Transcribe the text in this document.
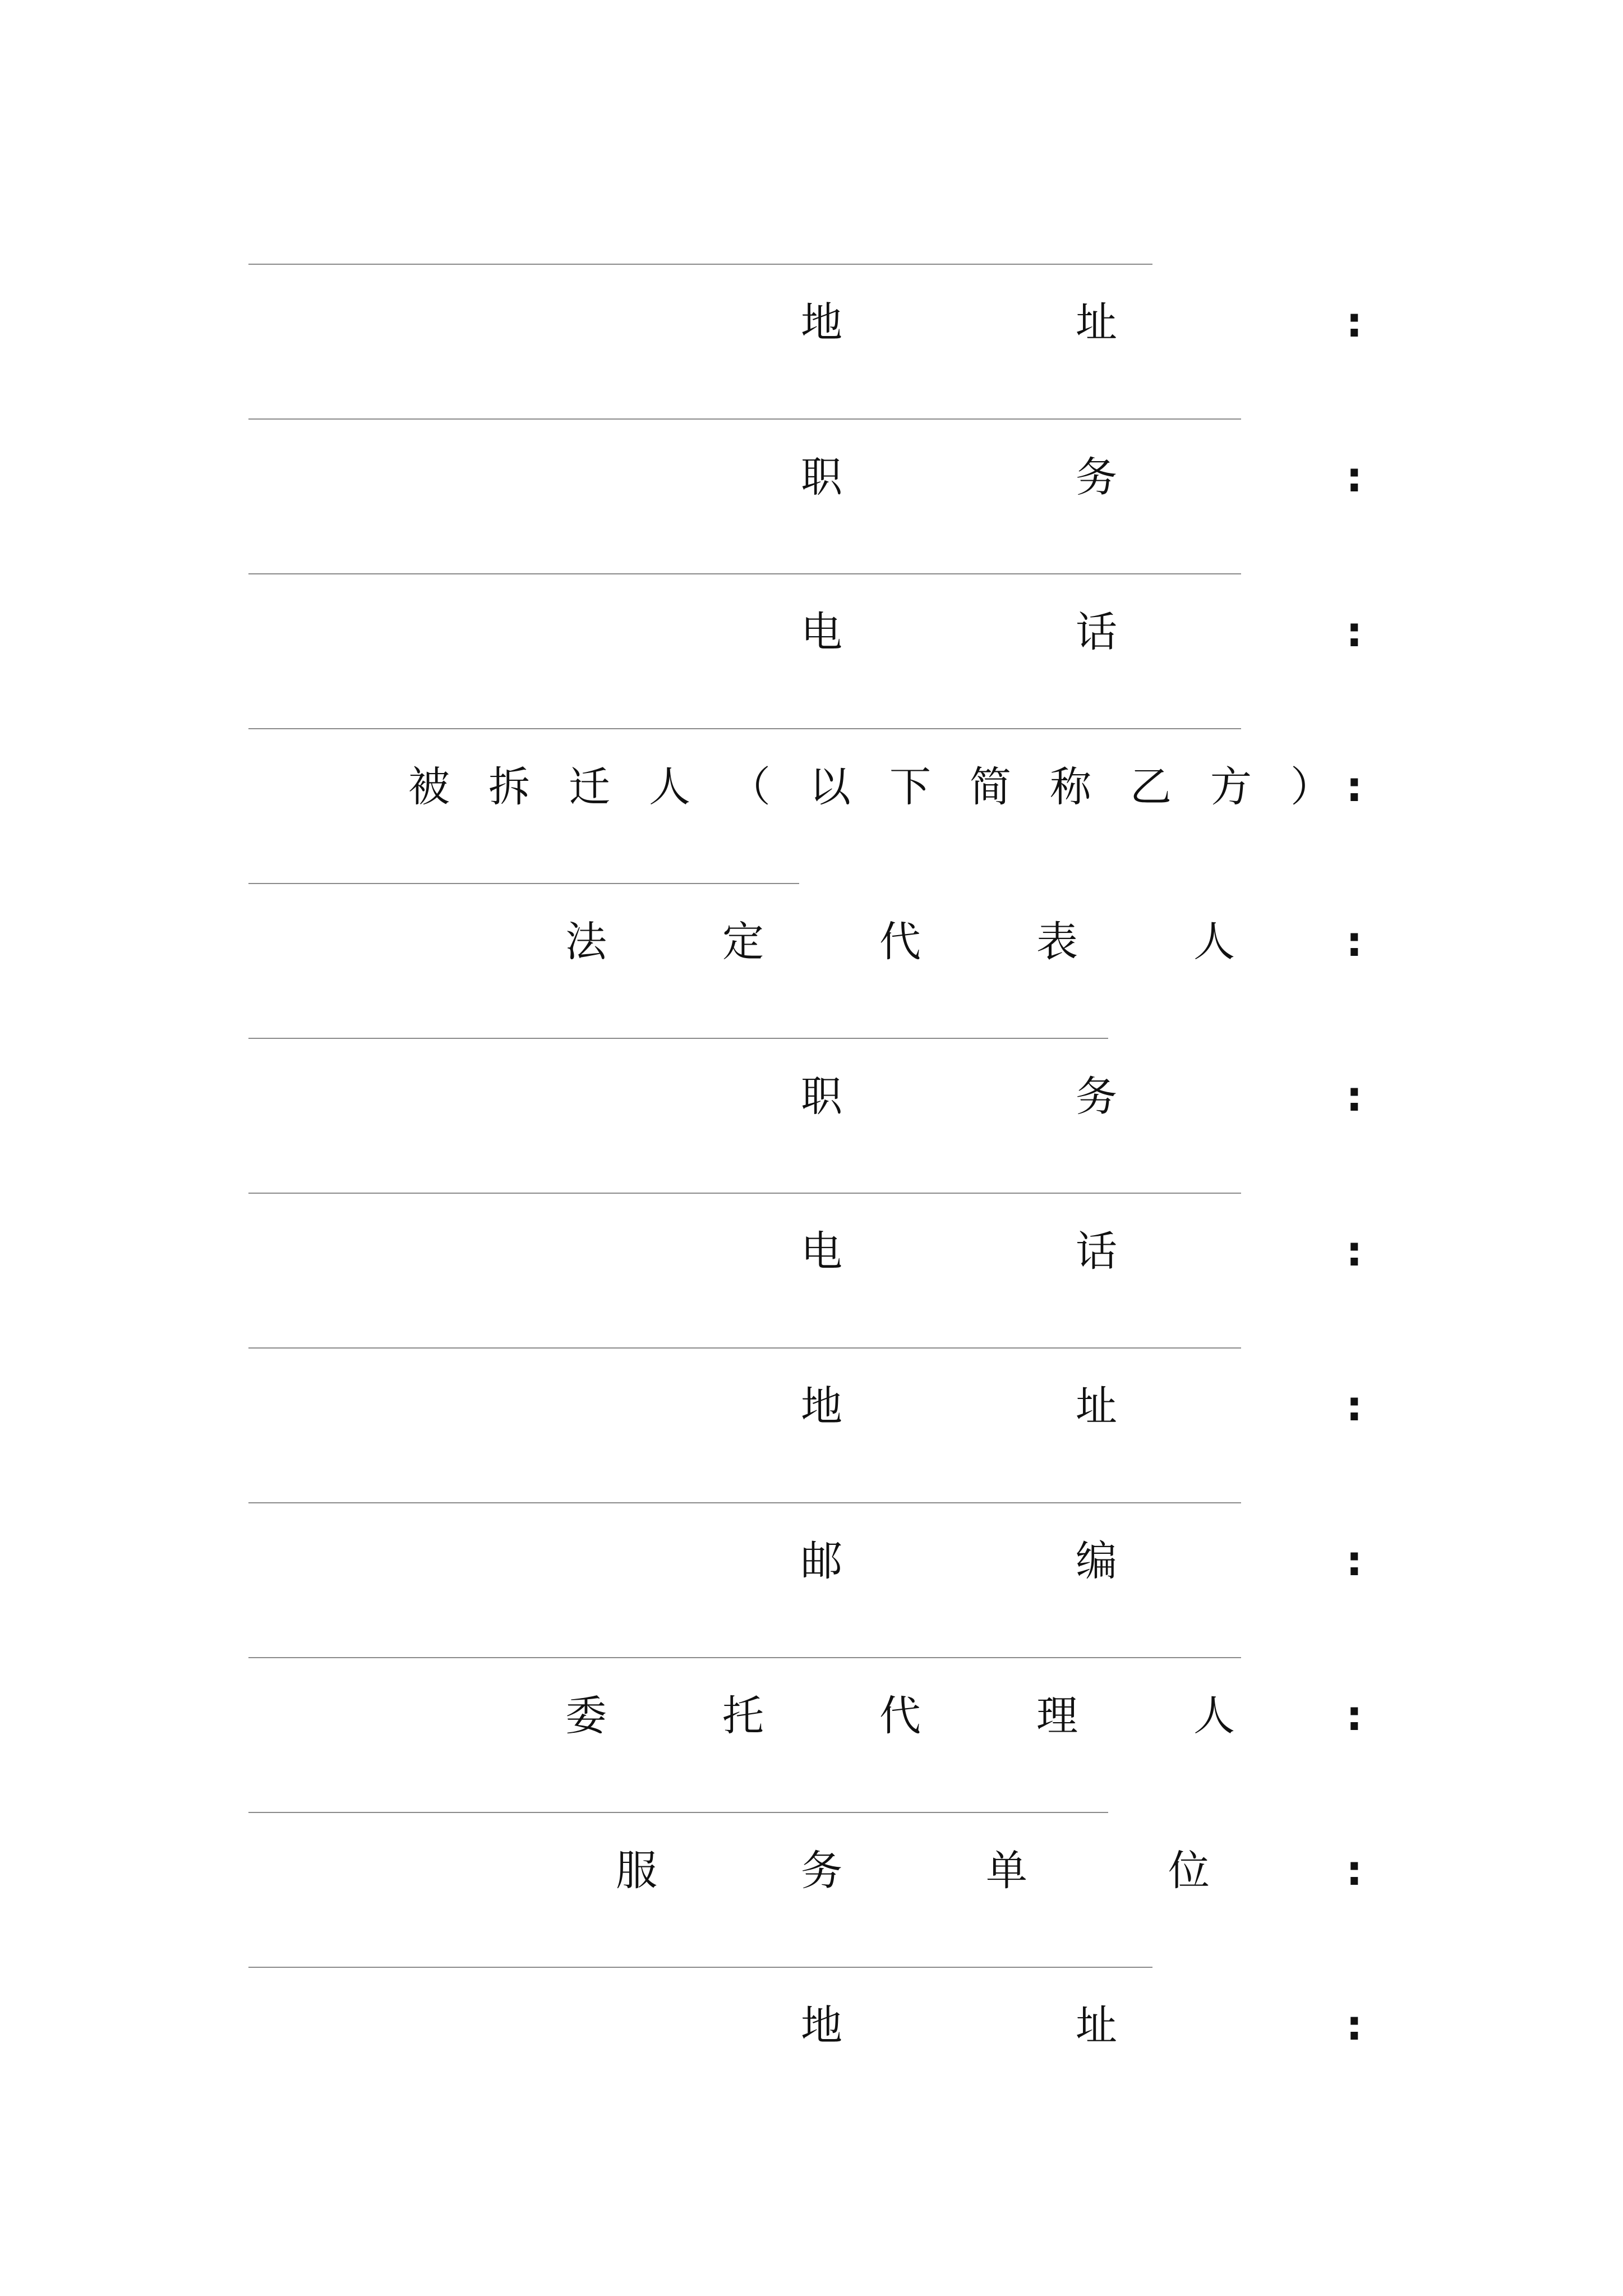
地	址	:
职	务	:
电	话	:
被 拆 迁 人 （ 以 下 简 称 乙 方 ） :
法	定	代	表	人	:
职	务	:
电	话	:
地	址	:
邮	编	:
委	托	代	理	人	:
服	务	单	位	:
地	址	:
